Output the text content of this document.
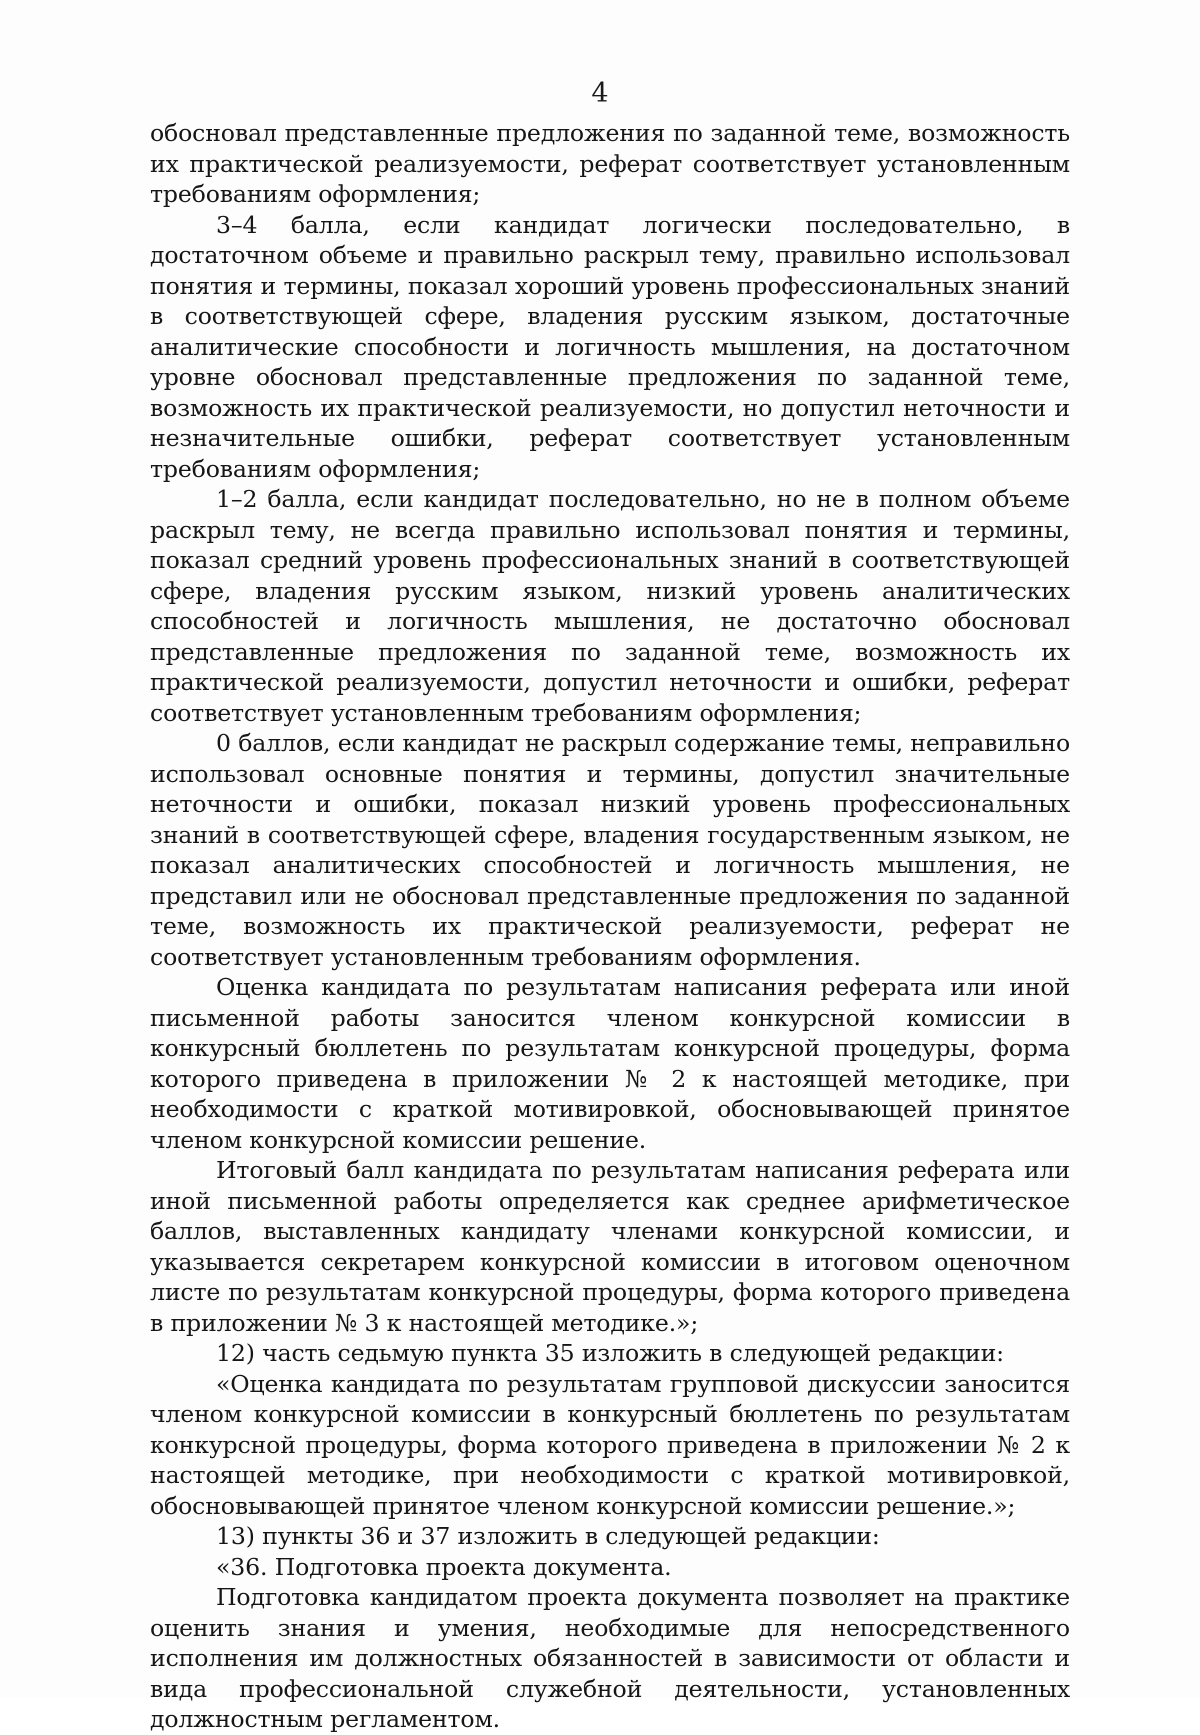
4

обосновал представленные предложения по заданной теме, возможность их практической реализуемости, реферат соответствует установленным требованиям оформления;

3–4 балла, если кандидат логически последовательно, в достаточном объеме и правильно раскрыл тему, правильно использовал понятия и термины, показал хороший уровень профессиональных знаний в соответствующей сфере, владения русским языком, достаточные аналитические способности и логичность мышления, на достаточном уровне обосновал представленные предложения по заданной теме, возможность их практической реализуемости, но допустил неточности и незначительные ошибки, реферат соответствует установленным требованиям оформления;

1–2 балла, если кандидат последовательно, но не в полном объеме раскрыл тему, не всегда правильно использовал понятия и термины, показал средний уровень профессиональных знаний в соответствующей сфере, владения русским языком, низкий уровень аналитических способностей и логичность мышления, не достаточно обосновал представленные предложения по заданной теме, возможность их практической реализуемости, допустил неточности и ошибки, реферат соответствует установленным требованиям оформления;

0 баллов, если кандидат не раскрыл содержание темы, неправильно использовал основные понятия и термины, допустил значительные неточности и ошибки, показал низкий уровень профессиональных знаний в соответствующей сфере, владения государственным языком, не показал аналитических способностей и логичность мышления, не представил или не обосновал представленные предложения по заданной теме, возможность их практической реализуемости, реферат не соответствует установленным требованиям оформления.

Оценка кандидата по результатам написания реферата или иной письменной работы заносится членом конкурсной комиссии в конкурсный бюллетень по результатам конкурсной процедуры, форма которого приведена в приложении № 2 к настоящей методике, при необходимости с краткой мотивировкой, обосновывающей принятое членом конкурсной комиссии решение.

Итоговый балл кандидата по результатам написания реферата или иной письменной работы определяется как среднее арифметическое баллов, выставленных кандидату членами конкурсной комиссии, и указывается секретарем конкурсной комиссии в итоговом оценочном листе по результатам конкурсной процедуры, форма которого приведена в приложении № 3 к настоящей методике.»;

12) часть седьмую пункта 35 изложить в следующей редакции:

«Оценка кандидата по результатам групповой дискуссии заносится членом конкурсной комиссии в конкурсный бюллетень по результатам конкурсной процедуры, форма которого приведена в приложении № 2 к настоящей методике, при необходимости с краткой мотивировкой, обосновывающей принятое членом конкурсной комиссии решение.»;

13) пункты 36 и 37 изложить в следующей редакции:

«36. Подготовка проекта документа.

Подготовка кандидатом проекта документа позволяет на практике оценить знания и умения, необходимые для непосредственного исполнения им должностных обязанностей в зависимости от области и вида профессиональной служебной деятельности, установленных должностным регламентом.
